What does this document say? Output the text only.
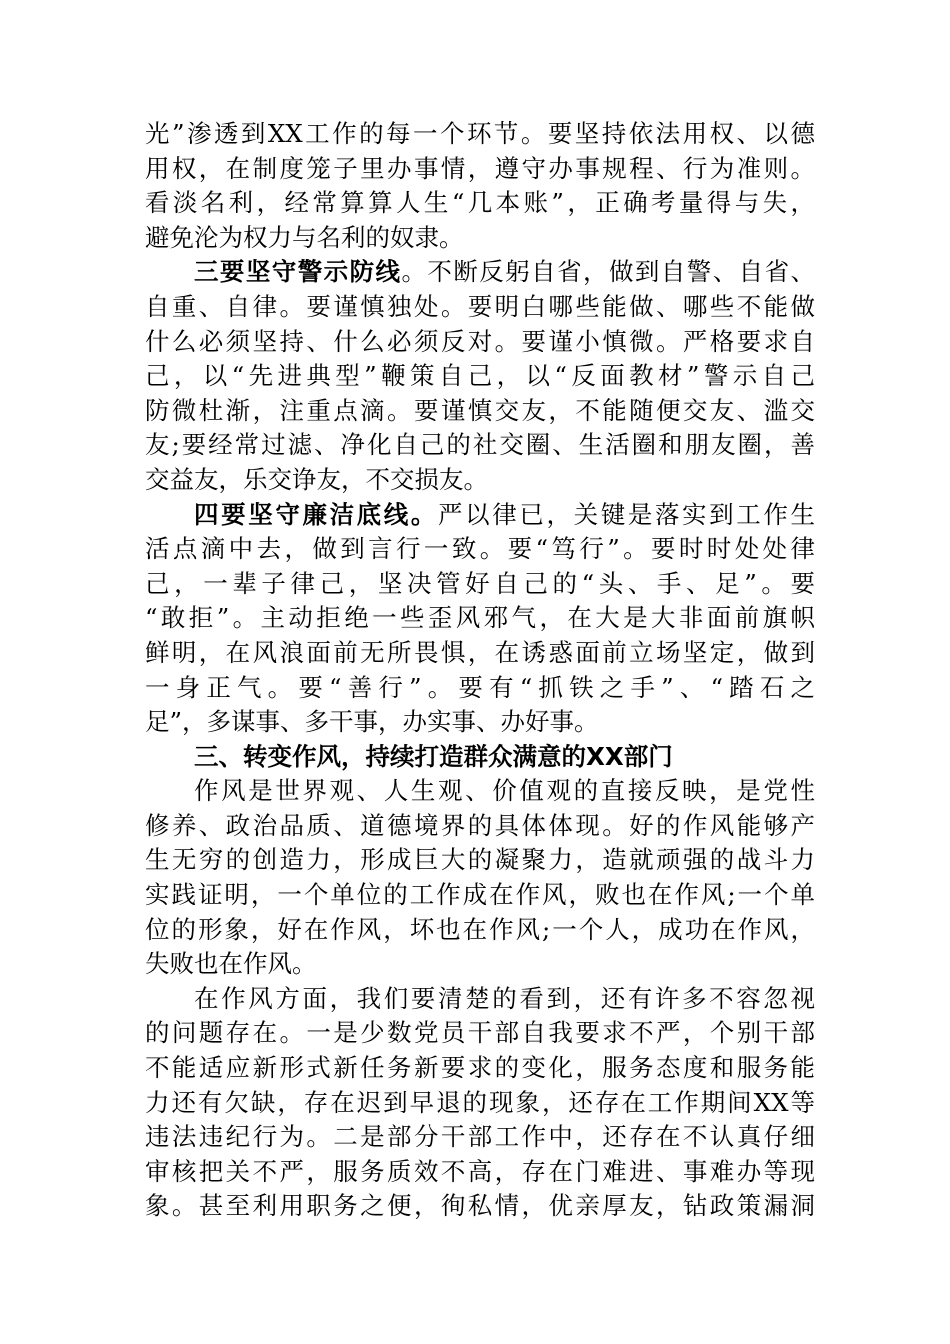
光”渗透到XX工作的每一个环节。要坚持依法用权、以德
用权，在制度笼子里办事情，遵守办事规程、行为准则。
看淡名利，经常算算人生“几本账”，正确考量得与失，
避免沦为权力与名利的奴隶。
三要坚守警示防线。不断反躬自省，做到自警、自省、
自重、自律。要谨慎独处。要明白哪些能做、哪些不能做
什么必须坚持、什么必须反对。要谨小慎微。严格要求自
己，以“先进典型”鞭策自己，以“反面教材”警示自己
防微杜渐，注重点滴。要谨慎交友，不能随便交友、滥交
友;要经常过滤、净化自己的社交圈、生活圈和朋友圈，善
交益友，乐交诤友，不交损友。
四要坚守廉洁底线。严以律已，关键是落实到工作生
活点滴中去，做到言行一致。要“笃行”。要时时处处律
己，一辈子律己，坚决管好自己的“头、手、足”。要
“敢拒”。主动拒绝一些歪风邪气，在大是大非面前旗帜
鲜明，在风浪面前无所畏惧，在诱惑面前立场坚定，做到
一身正气。要“善行”。要有“抓铁之手”、“踏石之
足”，多谋事、多干事，办实事、办好事。
三、转变作风，持续打造群众满意的XX部门
作风是世界观、人生观、价值观的直接反映，是党性
修养、政治品质、道德境界的具体体现。好的作风能够产
生无穷的创造力，形成巨大的凝聚力，造就顽强的战斗力
实践证明，一个单位的工作成在作风，败也在作风;一个单
位的形象，好在作风，坏也在作风;一个人，成功在作风，
失败也在作风。
在作风方面，我们要清楚的看到，还有许多不容忽视
的问题存在。一是少数党员干部自我要求不严，个别干部
不能适应新形式新任务新要求的变化，服务态度和服务能
力还有欠缺，存在迟到早退的现象，还存在工作期间XX等
违法违纪行为。二是部分干部工作中，还存在不认真仔细
审核把关不严，服务质效不高，存在门难进、事难办等现
象。甚至利用职务之便，徇私情，优亲厚友，钻政策漏洞
